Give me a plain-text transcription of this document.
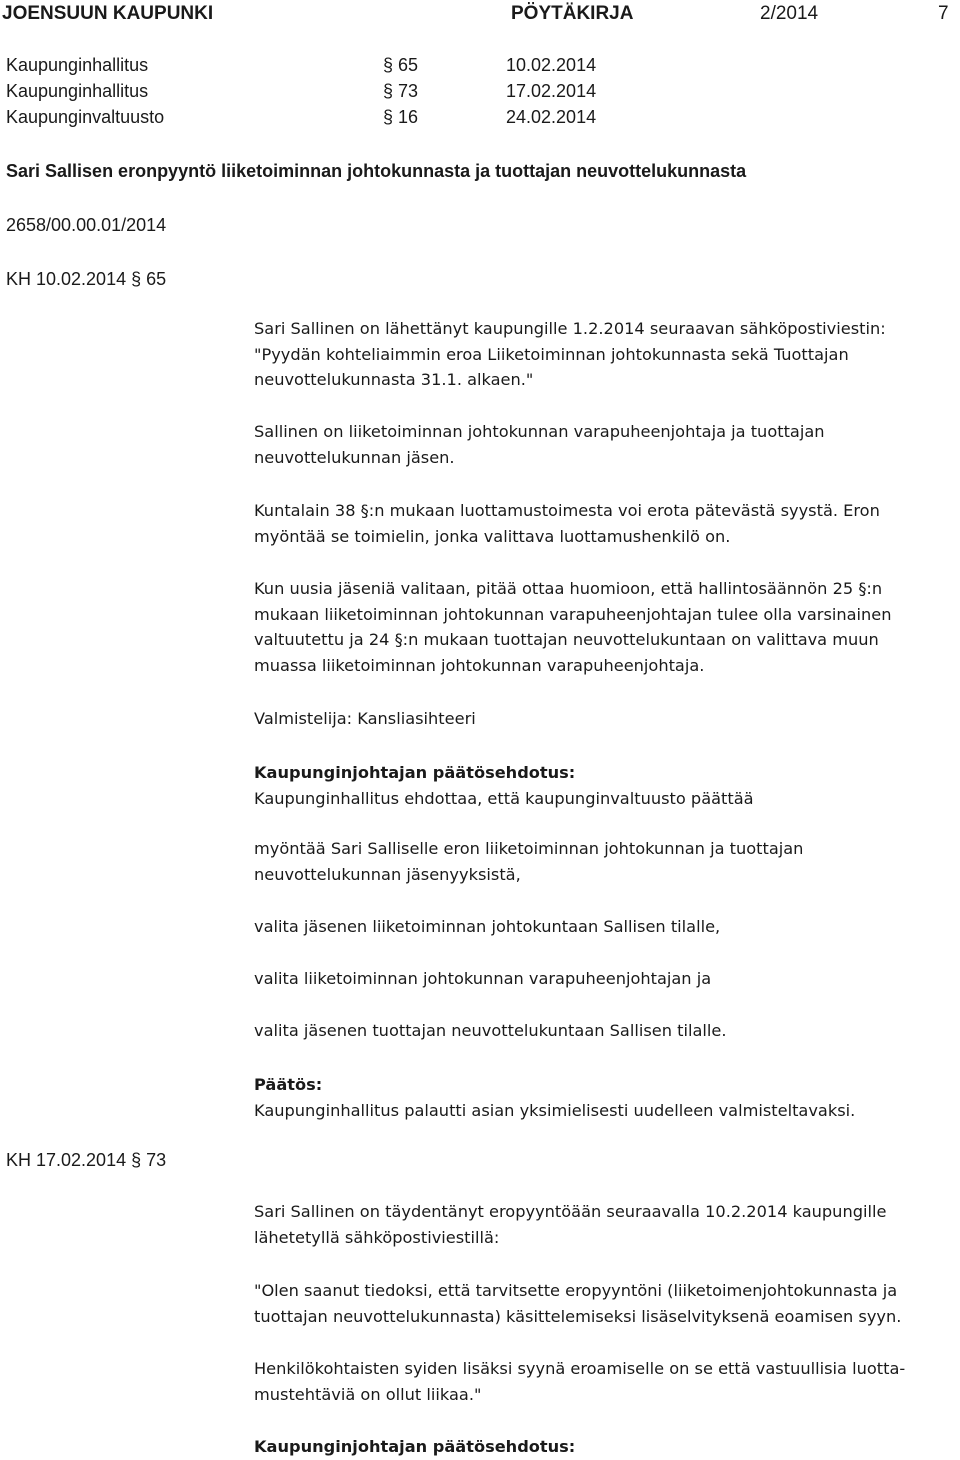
JOENSUUN KAUPUNKI	PÖYTÄKIRJA	2/2014	7
Kaupunginhallitus	§ 65	10.02.2014
Kaupunginhallitus	§ 73	17.02.2014
Kaupunginvaltuusto	§ 16	24.02.2014
Sari Sallisen eronpyyntö liiketoiminnan johtokunnasta ja tuottajan neuvottelukunnasta
2658/00.00.01/2014
KH 10.02.2014 § 65
KH 17.02.2014 § 73
Sari Sallinen on lähettänyt kaupungille 1.2.2014 seuraavan sähköpostiviestin:
"Pyydän kohteliaimmin eroa Liiketoiminnan johtokunnasta sekä Tuottajan
neuvottelukunnasta 31.1. alkaen."
Sallinen on liiketoiminnan johtokunnan varapuheenjohtaja ja tuottajan
neuvottelukunnan jäsen.
Kuntalain 38 §:n mukaan luottamustoimesta voi erota pätevästä syystä. Eron
myöntää se toimielin, jonka valittava luottamushenkilö on.
Kun uusia jäseniä valitaan, pitää ottaa huomioon, että hallintosäännön 25 §:n
mukaan liiketoiminnan johtokunnan varapuheenjohtajan tulee olla varsinainen
valtuutettu ja 24 §:n mukaan tuottajan neuvottelukuntaan on valittava muun
muassa liiketoiminnan johtokunnan varapuheenjohtaja.
Valmistelija: Kansliasihteeri
Kaupunginjohtajan päätösehdotus:
Kaupunginhallitus ehdottaa, että kaupunginvaltuusto päättää
myöntää Sari Salliselle eron liiketoiminnan johtokunnan ja tuottajan
neuvottelukunnan jäsenyyksistä,
valita jäsenen liiketoiminnan johtokuntaan Sallisen tilalle,
valita liiketoiminnan johtokunnan varapuheenjohtajan ja
valita jäsenen tuottajan neuvottelukuntaan Sallisen tilalle.
Päätös:
Kaupunginhallitus palautti asian yksimielisesti uudelleen valmisteltavaksi.
Sari Sallinen on täydentänyt eropyyntöään seuraavalla 10.2.2014 kaupungille
lähetetyllä sähköpostiviestillä:
"Olen saanut tiedoksi, että tarvitsette eropyyntöni (liiketoimenjohtokunnasta ja
tuottajan neuvottelukunnasta) käsittelemiseksi lisäselvityksenä eoamisen syyn.
Henkilökohtaisten syiden lisäksi syynä eroamiselle on se että vastuullisia luotta-
mustehtäviä on ollut liikaa."
Kaupunginjohtajan päätösehdotus:
